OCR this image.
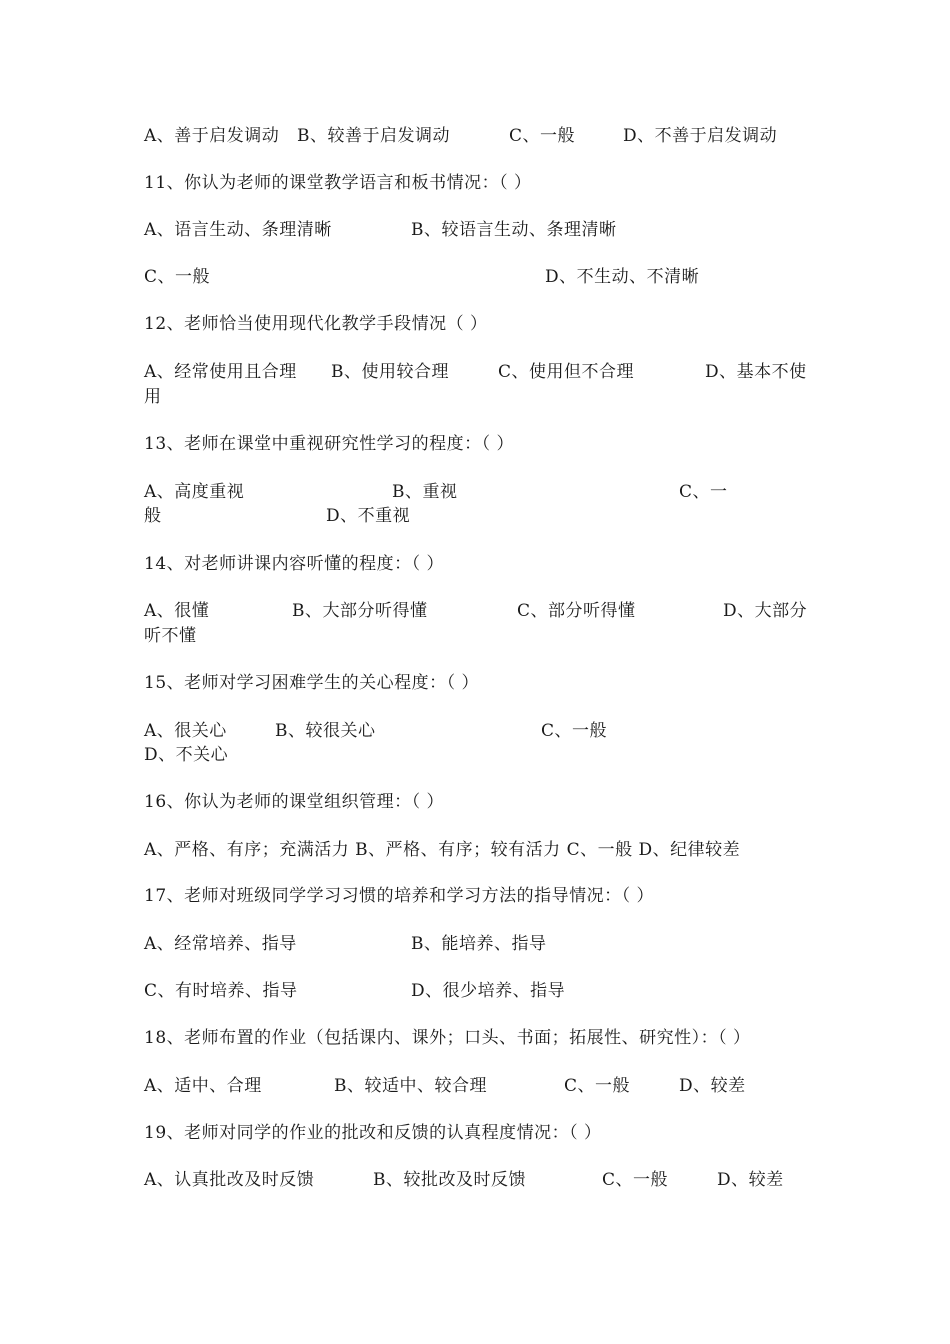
A、善于启发调动 B、较善于启发调动	C、一般	D、不善于启发调动
11、你认为老师的课堂教学语言和板书情况：（ ）
A、语言生动、条理清晰	B、较语言生动、条理清晰
C、一般	D、不生动、不清晰
12、老师恰当使用现代化教学手段情况（ ）
A、经常使用且合理 B、使用较合理	C、使用但不合理	D、基本不使
用
13、老师在课堂中重视研究性学习的程度：（ ）
A、高度重视	B、重视	C、一
般	D、不重视
14、对老师讲课内容听懂的程度：（ ）
A、很懂	B、大部分听得懂	C、部分听得懂	D、大部分
听不懂
15、老师对学习困难学生的关心程度：（ ）
A、很关心	B、较很关心	C、一般
D、不关心
16、你认为老师的课堂组织管理：（ ）
A、严格、有序；充满活力 B、严格、有序；较有活力 C、一般 D、纪律较差
17、老师对班级同学学习习惯的培养和学习方法的指导情况：（ ）
A、经常培养、指导	B、能培养、指导
C、有时培养、指导	D、很少培养、指导
18、老师布置的作业（包括课内、课外；口头、书面；拓展性、研究性）：（ ）
A、适中、合理	B、较适中、较合理	C、一般	D、较差
19、老师对同学的作业的批改和反馈的认真程度情况：（ ）
A、认真批改及时反馈	B、较批改及时反馈	C、一般	D、较差
